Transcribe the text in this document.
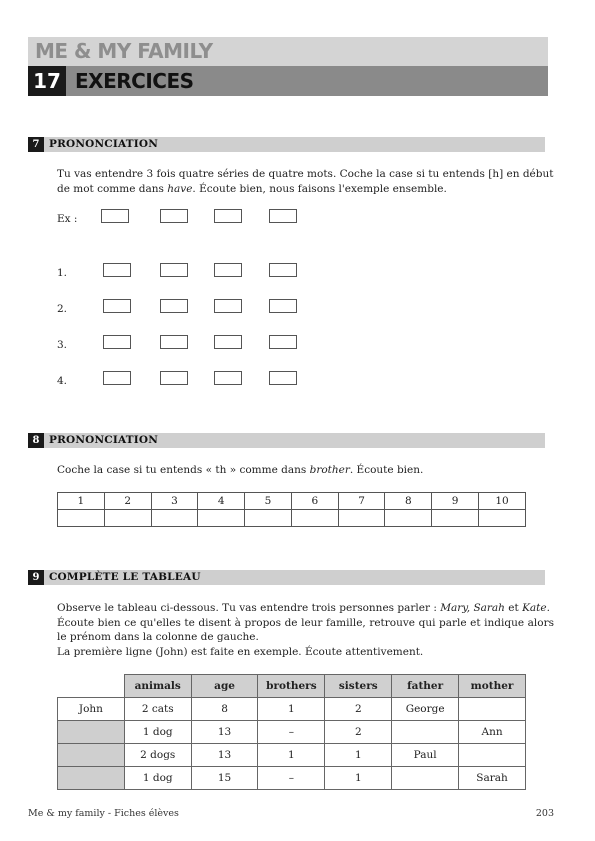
ME & MY FAMILY
17 EXERCICES
7 PRONONCIATION
Tu vas entendre 3 fois quatre séries de quatre mots. Coche la case si tu entends [h] en début de mot comme dans have. Écoute bien, nous faisons l'exemple ensemble.
Ex :
1.
2.
3.
4.
8 PRONONCIATION
Coche la case si tu entends « th » comme dans brother. Écoute bien.
1	2	3	4	5	6	7	8	9	10

9 COMPLÈTE LE TABLEAU
Observe le tableau ci-dessous. Tu vas entendre trois personnes parler : Mary, Sarah et Kate.
Écoute bien ce qu'elles te disent à propos de leur famille, retrouve qui parle et indique alors le prénom dans la colonne de gauche.
La première ligne (John) est faite en exemple. Écoute attentivement.
	animals	age	brothers	sisters	father	mother
John	2 cats	8	1	2	George	
	1 dog	13	–	2		Ann
	2 dogs	13	1	1	Paul	
	1 dog	15	–	1		Sarah
Me & my family - Fiches élèves	203
